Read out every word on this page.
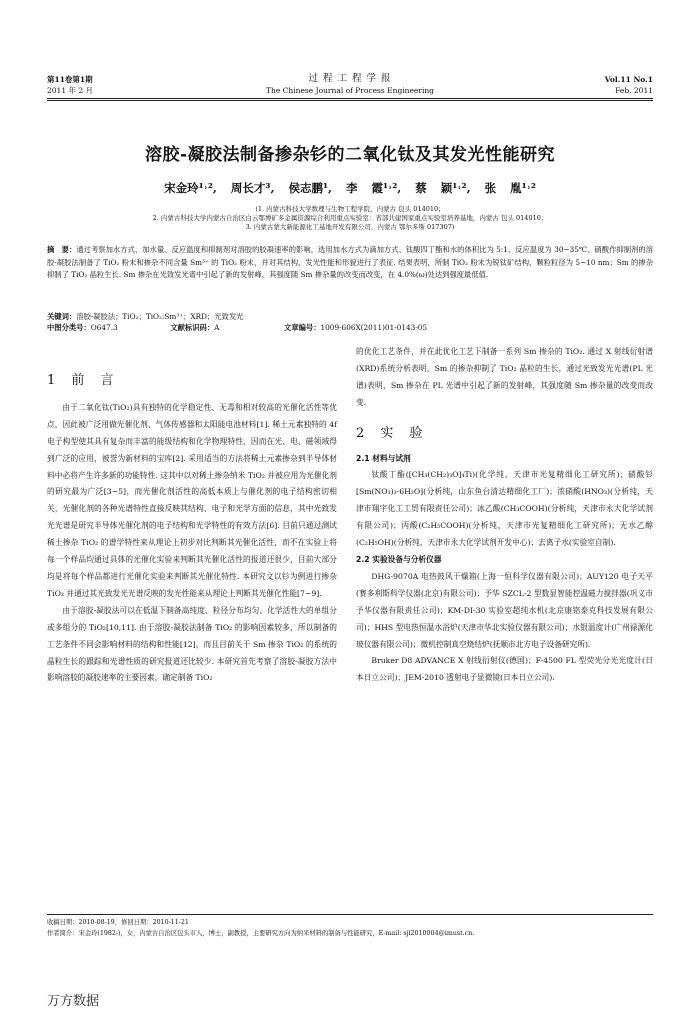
第11卷第1期
2011 年 2 月
过 程 工 程 学 报
The Chinese Journal of Process Engineering
Vol.11 No.1
Feb. 2011
溶胶-凝胶法制备掺杂钐的二氧化钛及其发光性能研究
宋金玲¹˒², 周长才³, 侯志鹏¹, 李 霞¹˒², 蔡 颖¹˒², 张 胤¹˒²
(1. 内蒙古科技大学数理与生物工程学院，内蒙古 包头 014010；
2. 内蒙古科技大学内蒙古自治区白云鄂博矿多金属资源综合利用重点实验室：省部共建国家重点实验室培养基地，内蒙古 包头 014010；
3. 内蒙古蒙大新能源化工基地开发有限公司，内蒙古 鄂尔多斯 017307)
摘　要：通过考察加水方式、加水量、反应温度和抑制剂对溶胶的胶凝速率的影响，选用加水方式为滴加方式、钛酸四丁酯和水的体积比为 5:1、反应温度为 30~35℃、硝酸作抑制剂的溶胶-凝胶法制备了 TiO₂ 粉末和掺杂不同含量 Sm³⁺ 的 TiO₂ 粉末，并对其结构、发光性能和形貌进行了表征. 结果表明，所制 TiO₂ 粉末为锐钛矿结构，颗粒粒径为 5~10 nm；Sm 的掺杂抑制了 TiO₂ 晶粒生长. Sm 掺杂在光致发光谱中引起了新的发射峰，其强度随 Sm 掺杂量的改变而改变，在 4.0%(ω)处达到强度最低值.
关键词：溶胶-凝胶法；TiO₂；TiO₂:Sm³⁺；XRD；光致发光
中图分类号：O647.3	文献标识码：A	文章编号：1009-606X(2011)01-0143-05
1 前 言

由于二氧化钛(TiO₂)具有独特的化学稳定性、无毒和相对较高的光催化活性等优点，因此被广泛用做光催化剂、气体传感器和太阳能电池材料[1]. 稀土元素独特的 4f 电子构型使其具有复杂而丰富的能级结构和化学物理特性，因而在光、电、磁领域得到广泛的应用，被誉为新材料的宝库[2]. 采用适当的方法将稀土元素掺杂到半导体材料中必将产生许多新的功能特性. 这其中以对稀土掺杂纳米 TiO₂ 并被应用为光催化剂的研究最为广泛[3~5]，而光催化剂活性的高低本质上与催化剂的电子结构密切相关，光催化剂的各种光谱特性直接反映其结构、电子和光学方面的信息，其中光致发光光谱是研究半导体光催化剂的电子结构和光学特性的有效方法[6]. 目前只通过测试稀土掺杂 TiO₂ 的谱学特性来从理论上初步对比判断其光催化活性，而不在实验上将每一个样品均通过具体的光催化实验来判断其光催化活性的报道还很少，目前大部分均是将每个样品都进行光催化实验来判断其光催化特性. 本研究文以钐为例进行掺杂 TiO₂ 并通过其光致发光光谱反映的发光性能来从理论上判断其光催化性能[7~9].

由于溶胶-凝胶法可以在低温下制备高纯度、粒径分布均匀、化学活性大的单组分或多组分的 TiO₂[10,11]. 由于溶胶-凝胶法制备 TiO₂ 的影响因素较多，所以制备的工艺条件不同会影响材料的结构和性能[12]，而且目前关于 Sm 掺杂 TiO₂ 的系统的晶粒生长的跟踪和光谱性质的研究报道还比较少. 本研究首先考察了溶胶-凝胶方法中影响溶胶的凝胶速率的主要因素，确定制备 TiO₂

的优化工艺条件，并在此优化工艺下制备一系列 Sm 掺杂的 TiO₂. 通过 X 射线衍射谱(XRD)系统分析表明，Sm 的掺杂抑制了 TiO₂ 晶粒的生长，通过光致发光光谱(PL 光谱)表明，Sm 掺杂在 PL 光谱中引起了新的发射峰，其强度随 Sm 掺杂量的改变而改变.

2 实 验
2.1 材料与试剂

钛酸丁酯([CH₃(CH₂)₃O]₄Ti)(化学纯，天津市光复精细化工研究所)；硝酸钐[Sm(NO₃)₃·6H₂O](分析纯，山东鱼台清达精细化工厂)；浓硝酸(HNO₃)(分析纯，天津市翔宇化工工贸有限责任公司)；冰乙酸(CH₃COOH)(分析纯，天津市永大化学试剂有限公司)；丙酸(C₂H₅COOH)(分析纯，天津市光复精细化工研究所)；无水乙醇(C₂H₅OH)(分析纯，天津市永大化学试剂开发中心)；去离子水(实验室自制).

2.2 实验设备与分析仪器

DHG-9070A 电热鼓风干燥箱(上海一恒科学仪器有限公司)；AUY120 电子天平(赛多利斯科学仪器(北京)有限公司)；予华 SZCL-2 型数显智能控温磁力搅拌器(巩义市予华仪器有限责任公司)；KM-DI-30 实验室超纯水机(北京康铭泰克科技发展有限公司)；HHS 型电热恒温水浴炉(天津市华北实验仪器有限公司)；水银温度计(广州禄源化玻仪器有限公司)；微机控制真空烧结炉(抚顺市北方电子设备研究所).

Bruker D8 ADVANCE X 射线衍射仪(德国)；F-4500 FL 型荧光分光光度计(日本日立公司)；JEM-2010 透射电子显微镜(日本日立公司).

收稿日期：2010-08-19，修回日期：2010-11-21
作者简介：宋金玲(1982-)，女，内蒙古自治区包头市人，博士，副教授，主要研究方向为纳米材料的制备与性能研究，E-mail: sjl2010004@imust.cn.
万方数据
